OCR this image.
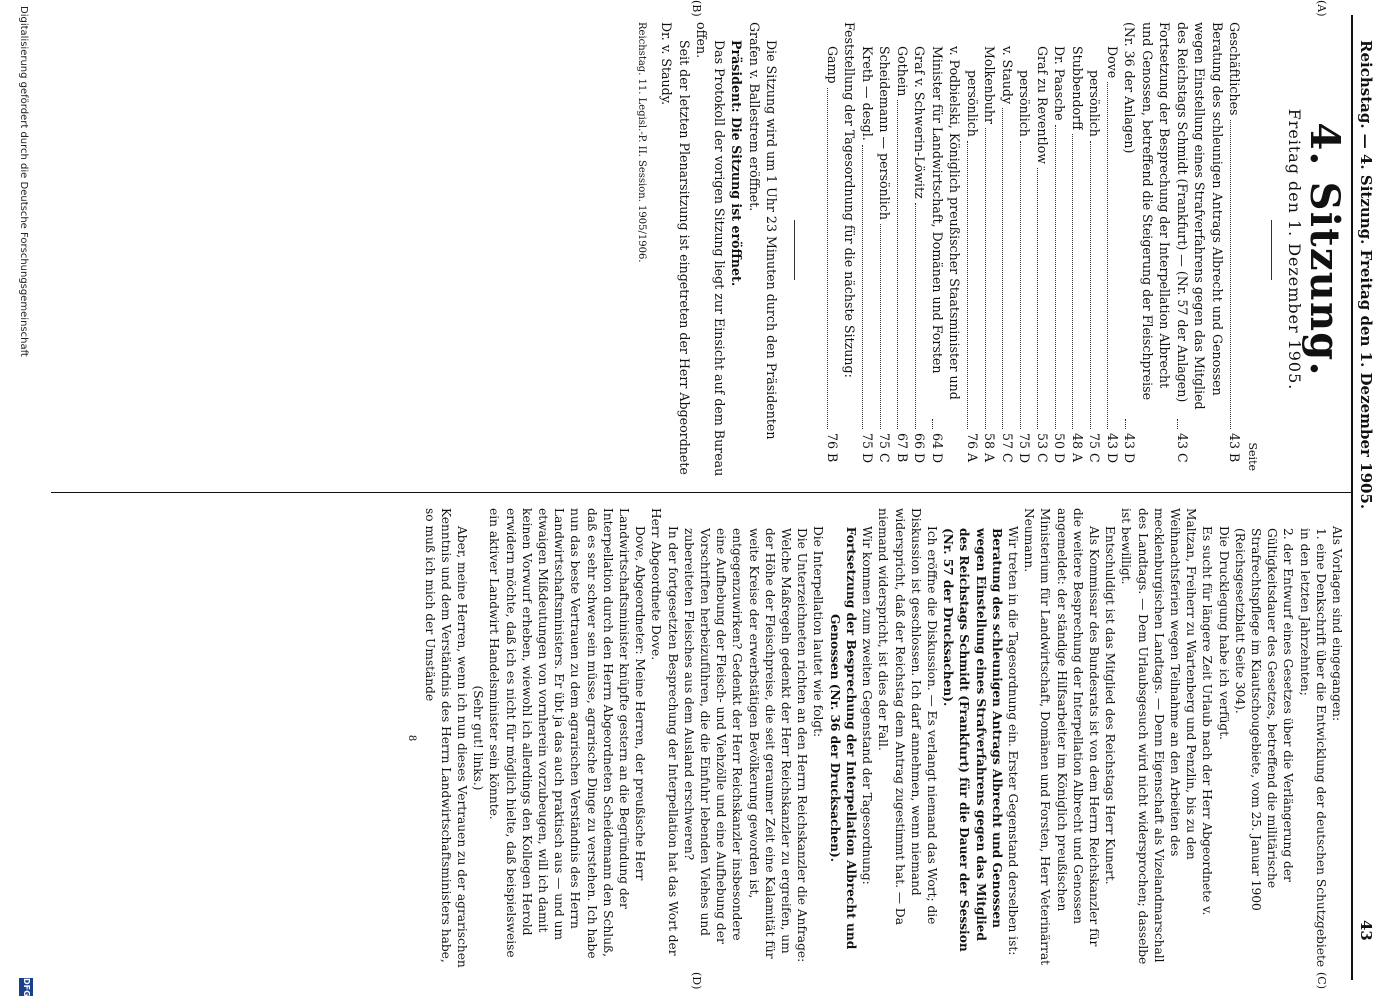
Reichstag. — 4. Sitzung. Freitag den 1. Dezember 1905.
43
(A)
(B)
(C)
(D)
4. Sitzung.
Freitag den 1. Dezember 1905.
Seite
Geschäftliches
43 B
Beratung des schleunigen Antrags Albrecht und Genossen wegen Einstellung eines Strafverfahrens gegen das Mitglied des Reichstags Schmidt (Frankfurt) — (Nr. 57 der Anlagen)
43 C
Fortsetzung der Besprechung der Interpellation Albrecht und Genossen, betreffend die Steigerung der Fleischpreise (Nr. 36 der Anlagen)
43 D
Dove
43 D
persönlich
75 C
Stubbendorff
48 A
Dr. Paasche
50 D
Graf zu Reventlow
53 C
persönlich
75 D
v. Staudy
57 C
Molkenbuhr
58 A
persönlich
76 A
v. Podbielski, Königlich preußischer Staatsminister und Minister für Landwirtschaft, Domänen und Forsten
64 D
Graf v. Schwerin-Löwitz
66 D
Gothein
67 B
Scheidemann — persönlich
75 C
Kreth — desgl.
75 D
Feststellung der Tagesordnung für die nächste Sitzung:
Gamp
76 B

Die Sitzung wird um 1 Uhr 23 Minuten durch den Präsidenten Grafen v. Ballestrem eröffnet.

Präsident: Die Sitzung ist eröffnet.

Das Protokoll der vorigen Sitzung liegt zur Einsicht auf dem Bureau offen.

Seit der letzten Plenarsitzung ist eingetreten der Herr Abgeordnete Dr. v. Staudy.

Reichstag. 11. Legisl.-P. II. Session. 1905/1906.

Als Vorlagen sind eingegangen:

1. eine Denkschrift über die Entwicklung der deutschen Schutzgebiete in den letzten Jahrzehnten;

2. der Entwurf eines Gesetzes über die Verlängerung der Gültigkeitsdauer des Gesetzes, betreffend die militärische Strafrechtspflege im Kiautschougebiete, vom 25. Januar 1900 (Reichsgesetzblatt Seite 304).

Die Drucklegung habe ich verfügt.

Es sucht für längere Zeit Urlaub nach der Herr Abgeordnete v. Maltzan, Freiherr zu Wartenberg und Penzlin, bis zu den Weihnachtsferien wegen Teilnahme an den Arbeiten des mecklenburgischen Landtags. — Denn Eigenschaft als Vizelandmarschall des Landtags. — Dem Urlaubsgesuch wird nicht widersprochen; dasselbe ist bewilligt.

Entschuldigt ist das Mitglied des Reichstags Herr Kunert.

Als Kommissar des Bundesrats ist von dem Herrn Reichskanzler für die weitere Besprechung der Interpellation Albrecht und Genossen angemeldet: der ständige Hilfsarbeiter im Königlich preußischen Ministerium für Landwirtschaft, Domänen und Forsten, Herr Veterinärrat Neumann.

Wir treten in die Tagesordnung ein. Erster Gegenstand derselben ist:

Beratung des schleunigen Antrags Albrecht und Genossen wegen Einstellung eines Strafverfahrens gegen das Mitglied des Reichstags Schmidt (Frankfurt) für die Dauer der Session (Nr. 57 der Drucksachen).

Ich eröffne die Diskussion. — Es verlangt niemand das Wort; die Diskussion ist geschlossen. Ich darf annehmen, wenn niemand widerspricht, daß der Reichstag dem Antrag zugestimmt hat. — Da niemand widerspricht, ist dies der Fall.

Wir kommen zum zweiten Gegenstand der Tagesordnung:

Fortsetzung der Besprechung der Interpellation Albrecht und Genossen (Nr. 36 der Drucksachen).

Die Interpellation lautet wie folgt:

Die Unterzeichneten richten an den Herrn Reichskanzler die Anfrage:

Welche Maßregeln gedenkt der Herr Reichskanzler zu ergreifen, um der Höhe der Fleischpreise, die seit geraumer Zeit eine Kalamität für weite Kreise der erwerbstätigen Bevölkerung geworden ist, entgegenzuwirken? Gedenkt der Herr Reichskanzler insbesondere eine Aufhebung der Fleisch- und Viehzölle und eine Aufhebung der Vorschriften herbeizuführen, die die Einfuhr lebenden Viehes und zubereiteten Fleisches aus dem Ausland erschweren?

In der fortgesetzten Besprechung der Interpellation hat das Wort der Herr Abgeordnete Dove.

Dove, Abgeordneter: Meine Herren, der preußische Herr Landwirtschaftsminister knüpfte gestern an die Begründung der Interpellation durch den Herrn Abgeordneten Scheidemann den Schluß, daß es sehr schwer sein müsse, agrarische Dinge zu verstehen. Ich habe nun das beste Vertrauen zu dem agrarischen Verständnis des Herrn Landwirtschaftsministers. Er übt ja das auch praktisch aus — und um etwaigen Mißdeutungen von vornherein vorzubeugen, will ich damit keinen Vorwurf erheben, wiewohl ich allerdings den Kollegen Herold erwidern möchte, daß ich es nicht für möglich hielte, daß beispielsweise ein aktiver Landwirt Handelsminister sein könnte.

(Sehr gut! links.)

Aber, meine Herren, wenn ich nun dieses Vertrauen zu der agrarischen Kenntnis und dem Verständnis des Herrn Landwirtschaftsministers habe, so muß ich mich der Umstände

8
Digitalisierung gefördert durch die Deutsche Forschungsgemeinschaft
DFG
